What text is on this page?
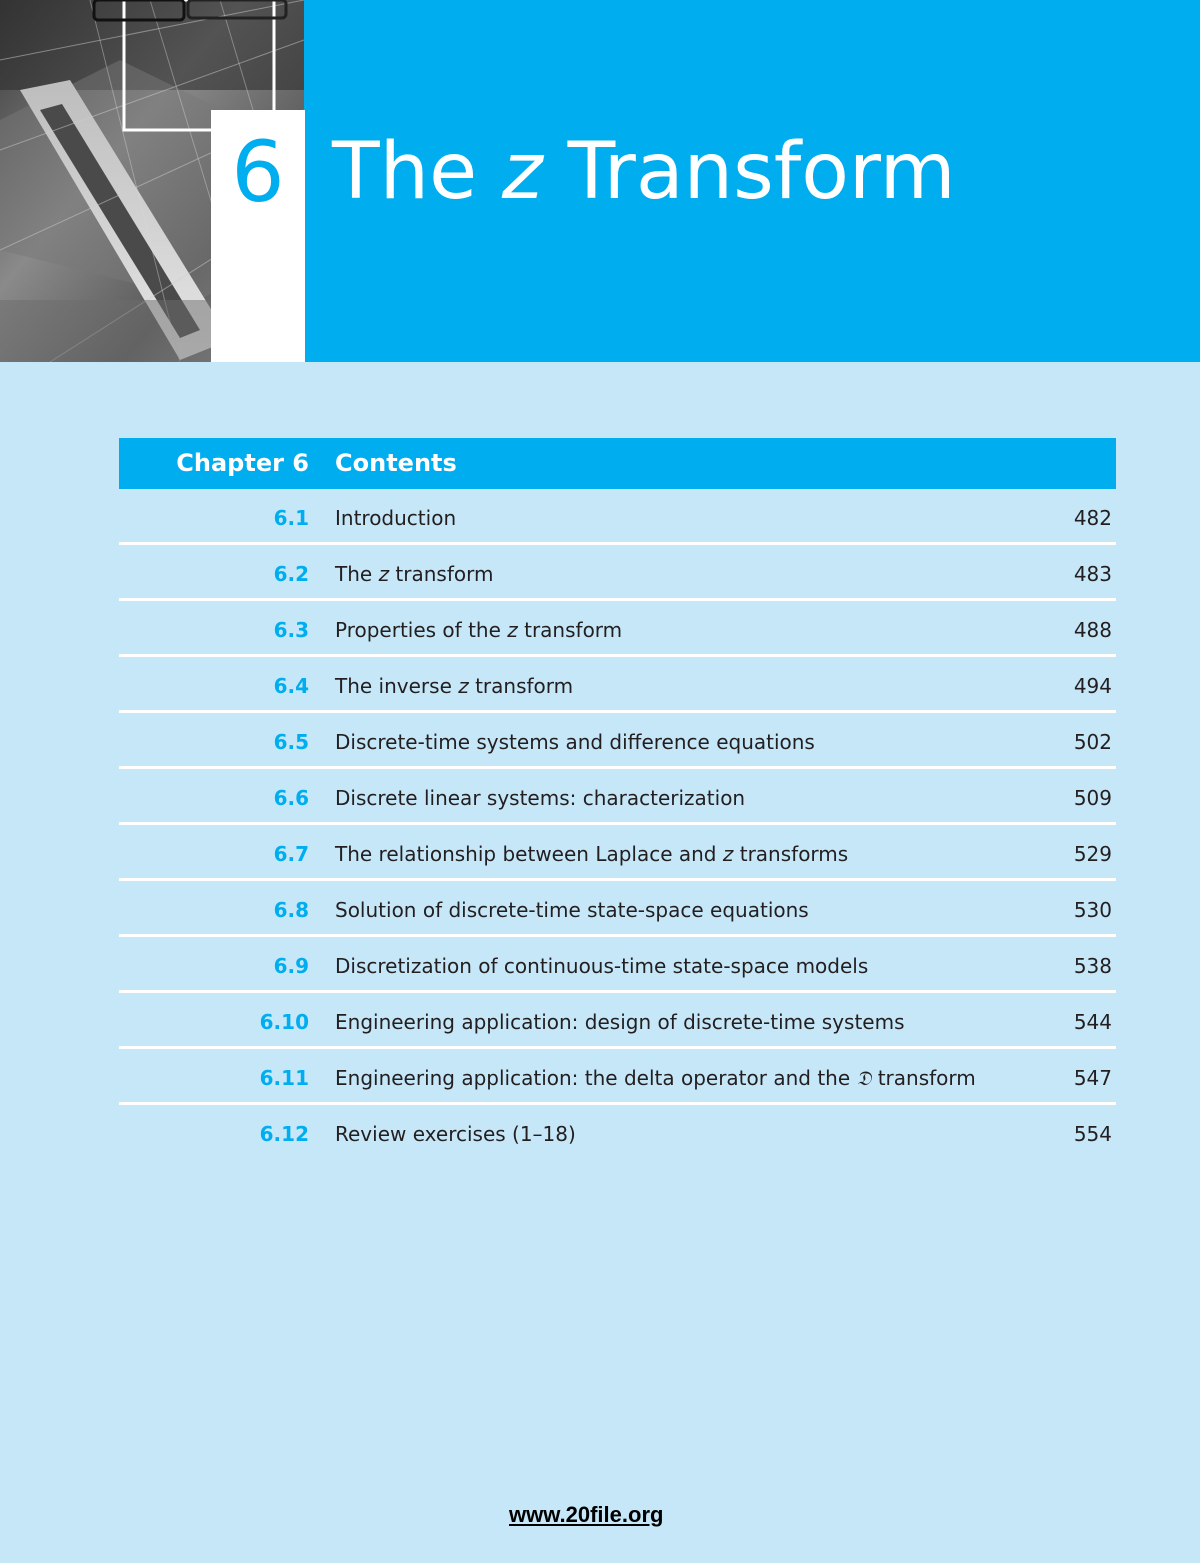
6 The z Transform
Chapter 6 Contents
6.1 Introduction	482
6.2 The z transform	483
6.3 Properties of the z transform	488
6.4 The inverse z transform	494
6.5 Discrete-time systems and difference equations	502
6.6 Discrete linear systems: characterization	509
6.7 The relationship between Laplace and z transforms	529
6.8 Solution of discrete-time state-space equations	530
6.9 Discretization of continuous-time state-space models	538
6.10 Engineering application: design of discrete-time systems	544
6.11 Engineering application: the delta operator and the 𝔇 transform	547
6.12 Review exercises (1–18)	554
www.20file.org
